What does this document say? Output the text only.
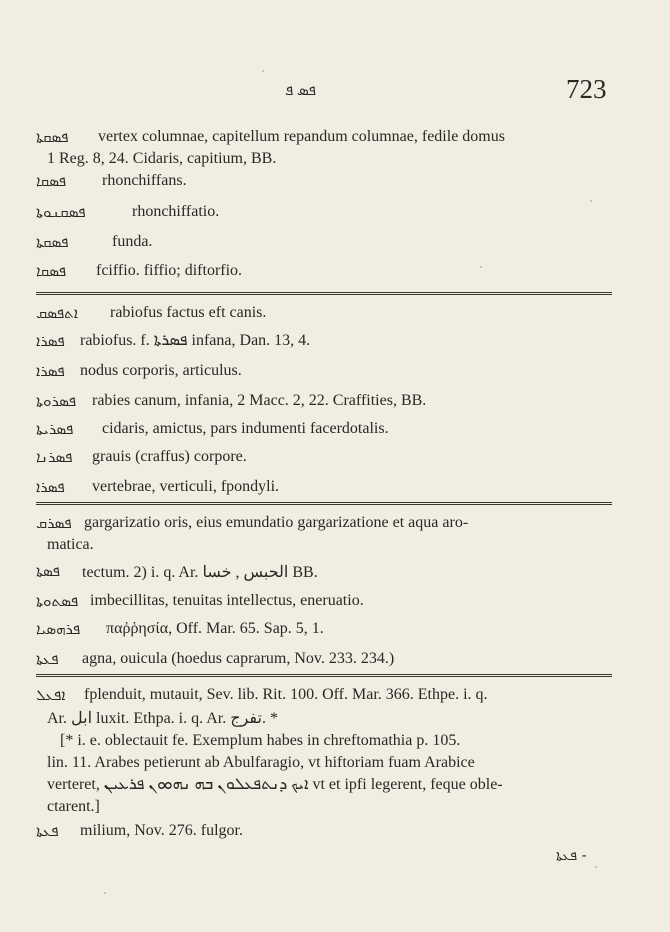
ܦܣ ܦ	723
ܦܣܩܬܐ vertex columnae, capitellum repandum columnae, fedile domus
1 Reg. 8, 24. Cidaris, capitium, BB.
ܦܣܩܐ rhonchiffans.
ܦܣܩܢܘܬܐ	rhonchiffatio.
ܦܣܩܬܐ	funda.
ܦܣܩܐ fciffio. fiffio; diftorfio.
ܐܬܦܣܩ rabiofus factus eft canis.
ܦܣܪܐ rabiofus. f. ܦܣܪܬܐ infana, Dan. 13, 4.
ܦܣܪܐ nodus corporis, articulus.
ܦܣܪܘܬܐ rabies canum, infania, 2 Macc. 2, 22. Craffities, BB.
ܦܣܪܝܬܐ cidaris, amictus, pars indumenti facerdotalis.
ܦܣܪܢܐ grauis (craffus) corpore.
ܦܣܪܐ vertebrae, verticuli, fpondyli.
ܦܣܪܩ gargarizatio oris, eius emundatio gargarizatione et aqua aro-
matica.
ܦܣܬܐ tectum. 2) i. q. Ar. الحبس , خسا BB.
ܦܣܬܘܬܐ imbecillitas, tenuitas intellectus, eneruatio.
ܦܪܗܣܝܐ παῤῥησία, Off. Mar. 65. Sap. 5, 1.
ܦܥܬܐ agna, ouicula (hoedus caprarum, Nov. 233. 234.)
ܐܦܥܠ fplenduit, mutauit, Sev. lib. Rit. 100. Off. Mar. 366. Ethpe. i. q.
Ar. ابل luxit. Ethpa. i. q. Ar. تفرج. *
[* i. e. oblectauit fe. Exemplum habes in chreftomathia p. 105.
lin. 11. Arabes petierunt ab Abulfaragio, vt hiftoriam fuam Arabice
verteret, ܐܝܟ ܕܢܬܦܥܠܘܢ ܒܗ ܢܗܘܘܢ ܦܪܥܝܢ vt et ipfi legerent, feque oble-
ctarent.]
ܦܥܬܐ milium, Nov. 276. fulgor.
ܦܥܬܐ -
